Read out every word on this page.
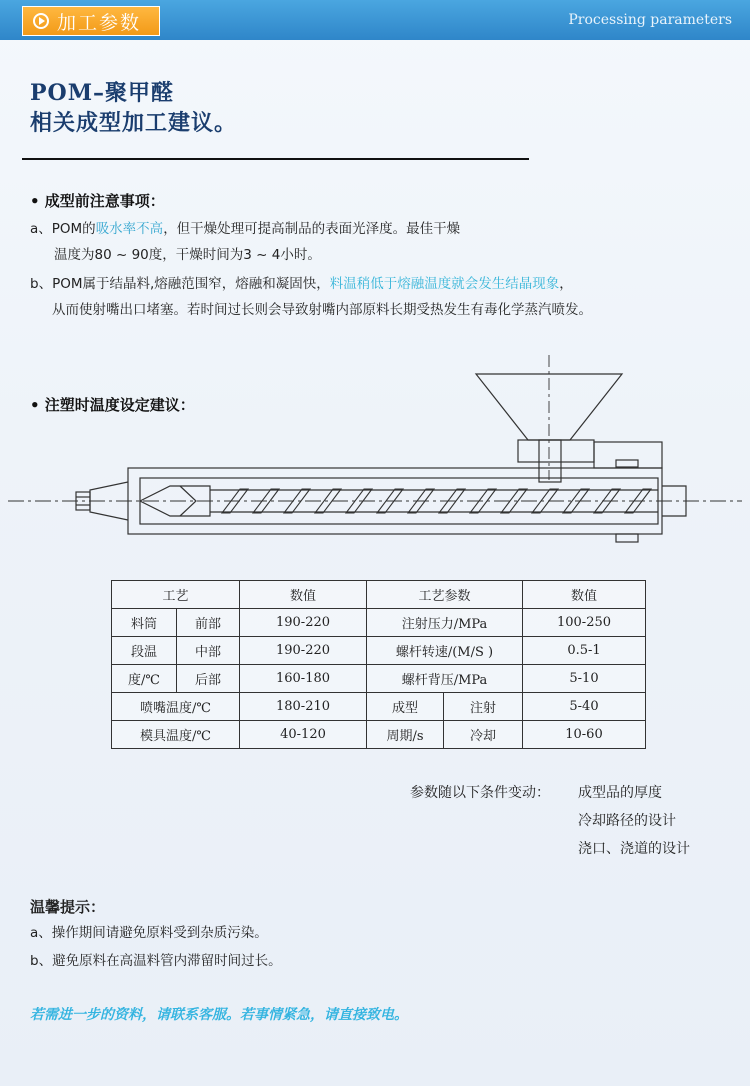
加工参数	Processing parameters
POM–聚甲醛
相关成型加工建议。
• 成型前注意事项：
a、POM的吸水率不高，但干燥处理可提高制品的表面光泽度。最佳干燥
温度为80 ~ 90度，干燥时间为3 ~ 4小时。
b、POM属于结晶料,熔融范围窄，熔融和凝固快，料温稍低于熔融温度就会发生结晶现象，
从而使射嘴出口堵塞。若时间过长则会导致射嘴内部原料长期受热发生有毒化学蒸汽喷发。
• 注塑时温度设定建议：
工艺		数值	工艺参数		数值
料筒	前部	190-220	注射压力/MPa		100-250
段温	中部	190-220	螺杆转速/(M/S )		0.5-1
度/℃	后部	160-180	螺杆背压/MPa		5-10
喷嘴温度/℃		180-210	成型	注射	5-40
模具温度/℃		40-120	周期/s	冷却	10-60
参数随以下条件变动： 成型品的厚度
冷却路径的设计
浇口、浇道的设计
温馨提示：
a、操作期间请避免原料受到杂质污染。
b、避免原料在高温料管内滞留时间过长。
若需进一步的资料，请联系客服。若事情紧急，请直接致电。
